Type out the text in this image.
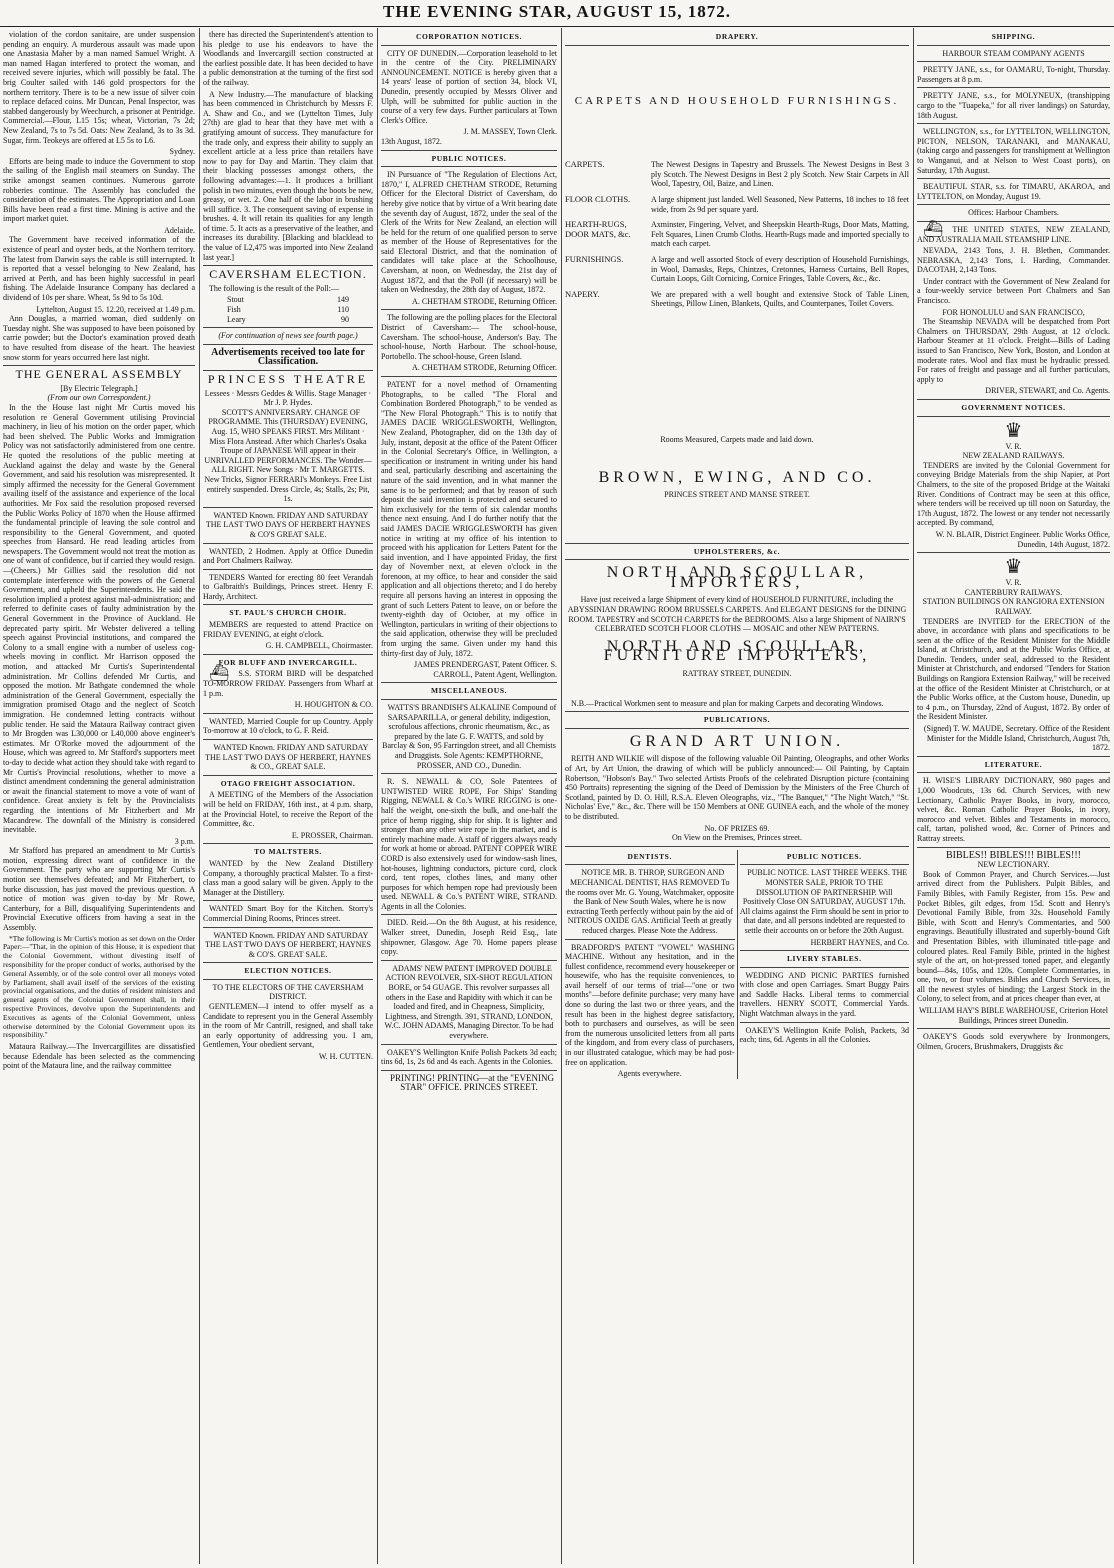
THE EVENING STAR, AUGUST 15, 1872.

violation of the cordon sanitaire, are under suspension pending an enquiry. A murderous assault was made upon one Anastasia Maher by a man named Samuel Wright. A man named Hagan interfered to protect the woman, and received severe injuries, which will possibly be fatal. The brig Coulter sailed with 146 gold prospectors for the northern territory. There is to be a new issue of silver coin to replace defaced coins. Mr Duncan, Penal Inspector, was stabbed dangerously by Weechurch, a prisoner at Pentridge. Commercial.—Flour, L15 15s; wheat, Victorian, 7s 2d; New Zealand, 7s to 7s 5d. Oats: New Zealand, 3s to 3s 3d. Sugar, firm. Teokeys are offered at L5 5s to L6.

Sydney.

Efforts are being made to induce the Government to stop the sailing of the English mail steamers on Sunday. The strike amongst seamen continues. Numerous garrote robberies continue. The Assembly has concluded the consideration of the estimates. The Appropriation and Loan Bills have been read a first time. Mining is active and the import market quiet.

Adelaide.

The Government have received information of the existence of pearl and oyster beds, at the Northern territory. The latest from Darwin says the cable is still interrupted. It is reported that a vessel belonging to New Zealand, has arrived at Perth, and has been highly successful in pearl fishing. The Adelaide Insurance Company has declared a dividend of 10s per share. Wheat, 5s 9d to 5s 10d.

Lyttelton, August 15. 12.20, received at 1.49 p.m.

Ann Douglas, a married woman, died suddenly on Tuesday night. She was supposed to have been poisoned by carrie powder; but the Doctor's examination proved death to have resulted from disease of the heart. The heaviest snow storm for years occurred here last night.

THE GENERAL ASSEMBLY
[By Electric Telegraph.]
(From our own Correspondent.)

In the the House last night Mr Curtis moved his resolution re General Government utilising Provincial machinery, in lieu of his motion on the order paper, which had been shelved. The Public Works and Immigration Policy was not satisfactorily administered from one centre. He quoted the resolutions of the public meeting at Auckland against the delay and waste by the General Government, and said his resolution was misrepresented. It simply affirmed the necessity for the General Government availing itself of the assistance and experience of the local authorities. Mr Fox said the resolution proposed reversed the Public Works Policy of 1870 when the House affirmed the fundamental principle of leaving the sole control and responsibility to the General Government, and quoted speeches from Hansard. He read leading articles from newspapers. The Government would not treat the motion as one of want of confidence, but if carried they would resign.—(Cheers.) Mr Gillies said the resolution did not contemplate interference with the powers of the General Government, and upheld the Superintendents. He said the resolution implied a protest against mal-administration; and referred to definite cases of faulty administration by the General Government in the Province of Auckland. He deprecated party spirit. Mr Webster delivered a telling speech against Provincial institutions, and compared the Colony to a small engine with a number of useless cog-wheels moving in conflict. Mr Harrison opposed the motion, and attacked Mr Curtis's Superintendental administration. Mr Collins defended Mr Curtis, and opposed the motion. Mr Bathgate condemned the whole administration of the General Government, especially the immigration promised Otago and the neglect of Scotch immigration. He condemned letting contracts without public tender. He said the Mataura Railway contract given to Mr Brogden was L30,000 or L40,000 above engineer's estimates. Mr O'Rorke moved the adjournment of the House, which was agreed to. Mr Stafford's supporters meet to-day to decide what action they should take with regard to Mr Curtis's Provincial resolutions, whether to move a distinct amendment condemning the general administration or await the financial statement to move a vote of want of confidence. Great anxiety is felt by the Provincialists regarding the intentions of Mr Fitzherbert and Mr Macandrew. The downfall of the Ministry is considered inevitable.

3 p.m.

Mr Stafford has prepared an amendment to Mr Curtis's motion, expressing direct want of confidence in the Government. The party who are supporting Mr Curtis's motion see themselves defeated; and Mr Fitzherbert, to burke discussion, has just moved the previous question. A notice of motion was given to-day by Mr Rowe, Canterbury, for a Bill, disqualifying Superintendents and Provincial Executive officers from having a seat in the Assembly.

*The following is Mr Curtis's motion as set down on the Order Paper:—"That, in the opinion of this House, it is expedient that the Colonial Government, without divesting itself of responsibility for the proper conduct of works, authorised by the General Assembly, or of the sole control over all moneys voted by Parliament, shall avail itself of the services of the existing provincial organisations, and the duties of resident ministers and general agents of the Colonial Government shall, in their respective Provinces, devolve upon the Superintendents and Executives as agents of the Colonial Government, unless otherwise determined by the Colonial Government upon its responsibility."

Mataura Railway.—The Invercargillites are dissatisfied because Edendale has been selected as the commencing point of the Mataura line, and the railway committee

there has directed the Superintendent's attention to his pledge to use his endeavors to have the Woodlands and Invercargill section constructed at the earliest possible date. It has been decided to have a public demonstration at the turning of the first sod of the railway.

A New Industry.—The manufacture of blacking has been commenced in Christchurch by Messrs F. A. Shaw and Co., and we (Lyttelton Times, July 27th) are glad to hear that they have met with a gratifying amount of success. They manufacture for the trade only, and express their ability to supply an excellent article at a less price than retailers have now to pay for Day and Martin. They claim that their blacking possesses amongst others, the following advantages:—1. It produces a brilliant polish in two minutes, even though the boots be new, greasy, or wet. 2. One half of the labor in brushing will suffice. 3. The consequent saving of expense in brushes. 4. It will retain its qualities for any length of time. 5. It acts as a preservative of the leather, and increases its durability. [Blacking and blacklead to the value of L2,475 was imported into New Zealand last year.]

CAVERSHAM ELECTION.

The following is the result of the Poll:—

Stout	149
Fish	110
Leary	90
(For continuation of news see fourth page.)
Advertisements received too late for Classification.
PRINCESS THEATRE
Lessees · Messrs Geddes & Willis. Stage Manager · Mr J. P. Hydes.

SCOTT'S ANNIVERSARY. CHANGE OF PROGRAMME. This (THURSDAY) EVENING, Aug. 15, WHO SPEAKS FIRST. Mrs Militant · Miss Flora Anstead. After which Charles's Osaka Troupe of JAPANESE Will appear in their UNRIVALLED PERFORMANCES. The Wonder—ALL RIGHT. New Songs · Mr T. MARGETTS. New Tricks, Signor FERRARI's Monkeys. Free List entirely suspended. Dress Circle, 4s; Stalls, 2s; Pit, 1s.

WANTED Known. FRIDAY AND SATURDAY THE LAST TWO DAYS OF HERBERT HAYNES & CO'S GREAT SALE.

WANTED, 2 Hodmen. Apply at Office Dunedin and Port Chalmers Railway.

TENDERS Wanted for erecting 80 feet Verandah to Galbraith's Buildings, Princes street. Henry F. Hardy, Architect.

ST. PAUL'S CHURCH CHOIR.

MEMBERS are requested to attend Practice on FRIDAY EVENING, at eight o'clock.

G. H. CAMPBELL, Choirmaster.
FOR BLUFF AND INVERCARGILL.

⛴ S.S. STORM BIRD will be despatched TO-MORROW FRIDAY. Passengers from Wharf at 1 p.m.

H. HOUGHTON & CO.

WANTED, Married Couple for up Country. Apply To-morrow at 10 o'clock, to G. F. Reid.

WANTED Known. FRIDAY AND SATURDAY THE LAST TWO DAYS OF HERBERT, HAYNES & CO., GREAT SALE.

OTAGO FREIGHT ASSOCIATION.

A MEETING of the Members of the Association will be held on FRIDAY, 16th inst., at 4 p.m. sharp, at the Provincial Hotel, to receive the Report of the Committee, &c.

E. PROSSER, Chairman.
TO MALTSTERS.

WANTED by the New Zealand Distillery Company, a thoroughly practical Malster. To a first-class man a good salary will be given. Apply to the Manager at the Distillery.

WANTED Smart Boy for the Kitchen. Storry's Commercial Dining Rooms, Princes street.

WANTED Known. FRIDAY AND SATURDAY THE LAST TWO DAYS OF HERBERT, HAYNES & CO'S. GREAT SALE.

ELECTION NOTICES.
TO THE ELECTORS OF THE CAVERSHAM DISTRICT.

GENTLEMEN—I intend to offer myself as a Candidate to represent you in the General Assembly in the room of Mr Cantrill, resigned, and shall take an early opportunity of addressing you. I am, Gentlemen, Your obedient servant,

W. H. CUTTEN.
CORPORATION NOTICES.

CITY OF DUNEDIN.—Corporation leasehold to let in the centre of the City. PRELIMINARY ANNOUNCEMENT. NOTICE is hereby given that a 14 years' lease of portion of section 34, block VI, Dunedin, presently occupied by Messrs Oliver and Ulph, will be submitted for public auction in the course of a very few days. Further particulars at Town Clerk's Office.

J. M. MASSEY, Town Clerk.
13th August, 1872.
PUBLIC NOTICES.

IN Pursuance of "The Regulation of Elections Act, 1870," I, ALFRED CHETHAM STRODE, Returning Officer for the Electoral District of Caversham, do hereby give notice that by virtue of a Writ bearing date the seventh day of August, 1872, under the seal of the Clerk of the Writs for New Zealand, an election will be held for the return of one qualified person to serve as member of the House of Representatives for the said Electoral District, and that the nomination of candidates will take place at the Schoolhouse, Caversham, at noon, on Wednesday, the 21st day of August 1872, and that the Poll (if necessary) will be taken on Wednesday, the 28th day of August, 1872.

A. CHETHAM STRODE, Returning Officer.

The following are the polling places for the Electoral District of Caversham:— The school-house, Caversham. The school-house, Anderson's Bay. The school-house, North Harbour. The school-house, Portobello. The school-house, Green Island.

A. CHETHAM STRODE, Returning Officer.

PATENT for a novel method of Ornamenting Photographs, to be called "The Floral and Combination Bordered Photograph," to be vended as "The New Floral Photograph." This is to notify that JAMES DACIE WRIGGLESWORTH, Wellington, New Zealand, Photographer, did on the 13th day of July, instant, deposit at the office of the Patent Officer in the Colonial Secretary's Office, in Wellington, a specification or instrument in writing under his hand and seal, particularly describing and ascertaining the nature of the said invention, and in what manner the same is to be performed; and that by reason of such deposit the said invention is protected and secured to him exclusively for the term of six calendar months thence next ensuing. And I do further notify that the said JAMES DACIE WRIGGLESWORTH has given notice in writing at my office of his intention to proceed with his application for Letters Patent for the said invention, and I have appointed Friday, the first day of November next, at eleven o'clock in the forenoon, at my office, to hear and consider the said application and all objections thereto; and I do hereby require all persons having an interest in opposing the grant of such Letters Patent to leave, on or before the twenty-eighth day of October, at my office in Wellington, particulars in writing of their objections to the said application, otherwise they will be precluded from urging the same. Given under my hand this thirty-first day of July, 1872.

JAMES PRENDERGAST, Patent Officer. S. CARROLL, Patent Agent, Wellington.
MISCELLANEOUS.

WATTS'S BRANDISH'S ALKALINE Compound of SARSAPARILLA, or general debility, indigestion, scrofulous affections, chronic rheumatism, &c., as prepared by the late G. F. WATTS, and sold by Barclay & Son, 95 Farringdon street, and all Chemists and Druggists. Sole Agents: KEMPTHORNE, PROSSER, AND CO., Dunedin.

R. S. NEWALL & CO, Sole Patentees of UNTWISTED WIRE ROPE, For Ships' Standing Rigging, NEWALL & Co.'s WIRE RIGGING is one-half the weight, one-sixth the bulk, and one-half the price of hemp rigging, ship for ship. It is lighter and stronger than any other wire rope in the market, and is entirely machine made. A staff of riggers always ready for work at home or abroad. PATENT COPPER WIRE CORD is also extensively used for window-sash lines, hot-houses, lightning conductors, picture cord, clock cord, tent ropes, clothes lines, and many other purposes for which hempen rope had previously been used. NEWALL & Co.'s PATENT WIRE, STRAND. Agents in all the Colonies.

DIED. Reid.—On the 8th August, at his residence, Walker street, Dunedin, Joseph Reid Esq., late shipowner, Glasgow. Age 70. Home papers please copy.

ADAMS' NEW PATENT IMPROVED DOUBLE ACTION REVOLVER, SIX-SHOT REGULATION BORE, or 54 GUAGE. This revolver surpasses all others in the Ease and Rapidity with which it can be loaded and fired, and in Cheapness, Simplicity, Lightness, and Strength. 391, STRAND, LONDON, W.C. JOHN ADAMS, Managing Director. To be had everywhere.

OAKEY'S Wellington Knife Polish Packets 3d each; tins 6d, 1s, 2s 6d and 4s each. Agents in the Colonies.

PRINTING! PRINTING—at the "EVENING STAR" OFFICE. PRINCES STREET.

DRAPERY.
CARPETS AND HOUSEHOLD FURNISHINGS.
CARPETS.	The Newest Designs in Tapestry and Brussels. The Newest Designs in Best 3 ply Scotch. The Newest Designs in Best 2 ply Scotch. New Stair Carpets in All Wool, Tapestry, Oil, Baize, and Linen.
FLOOR CLOTHS.	A large shipment just landed. Well Seasoned, New Patterns, 18 inches to 18 feet wide, from 2s 9d per square yard.
HEARTH-RUGS, DOOR MATS, &c.
Axminster, Fingering, Velvet, and Sheepskin Hearth-Rugs, Door Mats, Matting, Felt Squares, Linen Crumb Cloths. Hearth-Rugs made and imported specially to match each carpet.
FURNISHINGS.	A large and well assorted Stock of every description of Household Furnishings, in Wool, Damasks, Reps, Chintzes, Cretonnes, Harness Curtains, Bell Ropes, Curtain Loops, Gilt Cornicing, Cornice Fringes, Table Covers, &c., &c.
NAPERY.	We are prepared with a well bought and extensive Stock of Table Linen, Sheetings, Pillow Linen, Blankets, Quilts, and Counterpanes, Toilet Covers.
Rooms Measured, Carpets made and laid down.
BROWN, EWING, AND CO.
PRINCES STREET AND MANSE STREET.
UPHOLSTERERS, &c.
NORTH AND SCOULLAR, IMPORTERS,

Have just received a large Shipment of every kind of HOUSEHOLD FURNITURE, including the ABYSSINIAN DRAWING ROOM BRUSSELS CARPETS. And ELEGANT DESIGNS for the DINING ROOM. TAPESTRY and SCOTCH CARPETS for the BEDROOMS. Also a large Shipment of NAIRN'S CELEBRATED SCOTCH FLOOR CLOTHS — MOSAIC and other NEW PATTERNS.

NORTH AND SCOULLAR, FURNITURE IMPORTERS,
RATTRAY STREET, DUNEDIN.

N.B.—Practical Workmen sent to measure and plan for making Carpets and decorating Windows.

PUBLICATIONS.
GRAND ART UNION.

REITH AND WILKIE will dispose of the following valuable Oil Painting, Oleographs, and other Works of Art, by Art Union, the drawing of which will be publicly announced:— Oil Painting, by Captain Robertson, "Hobson's Bay." Two selected Artists Proofs of the celebrated Disruption picture (containing 450 Portraits) representing the signing of the Deed of Demission by the Ministers of the Free Church of Scotland, painted by D. O. Hill, R.S.A. Eleven Oleographs, viz., "The Banquet," "The Night Watch," "St. Nicholas' Eve," &c., &c. There will be 150 Members at ONE GUINEA each, and the whole of the money to be distributed.

No. OF PRIZES 69.
On View on the Premises, Princes street.
DENTISTS.

NOTICE MR. B. THROP, SURGEON AND MECHANICAL DENTIST, HAS REMOVED To the rooms over Mr. G. Young, Watchmaker, opposite the Bank of New South Wales, where he is now extracting Teeth perfectly without pain by the aid of NITROUS OXIDE GAS. Artificial Teeth at greatly reduced charges. Please Note the Address.

BRADFORD'S PATENT "VOWEL" WASHING MACHINE. Without any hesitation, and in the fullest confidence, recommend every housekeeper or housewife, who has the requisite conveniences, to avail herself of our terms of trial—"one or two months"—before definite purchase; very many have done so during the last two or three years, and the result has been in the highest degree satisfactory, both to purchasers and ourselves, as will be seen from the numerous unsolicited letters from all parts of the kingdom, and from every class of purchasers, in our illustrated catalogue, which may be had post-free on application.

Agents everywhere.
PUBLIC NOTICES.

PUBLIC NOTICE. LAST THREE WEEKS. THE MONSTER SALE, PRIOR TO THE DISSOLUTION OF PARTNERSHIP. Will Positively Close ON SATURDAY, AUGUST 17th. All claims against the Firm should be sent in prior to that date, and all persons indebted are requested to settle their accounts on or before the 20th August.

HERBERT HAYNES, and Co.
LIVERY STABLES.

WEDDING AND PICNIC PARTIES furnished with close and open Carriages. Smart Buggy Pairs and Saddle Hacks. Liberal terms to commercial travellers. HENRY SCOTT, Commercial Yards. Night Watchman always in the yard.

OAKEY'S Wellington Knife Polish, Packets, 3d each; tins, 6d. Agents in all the Colonies.

SHIPPING.
HARBOUR STEAM COMPANY AGENTS

PRETTY JANE, s.s., for OAMARU, To-night, Thursday. Passengers at 8 p.m.

PRETTY JANE, s.s., for MOLYNEUX, (transhipping cargo to the "Tuapeka," for all river landings) on Saturday, 18th August.

WELLINGTON, s.s., for LYTTELTON, WELLINGTON, PICTON, NELSON, TARANAKI, and MANAKAU, (taking cargo and passengers for transhipment at Wellington to Wanganui, and at Nelson to West Coast ports), on Saturday, 17th August.

BEAUTIFUL STAR, s.s. for TIMARU, AKAROA, and LYTTELTON, on Monday, August 19.

Offices: Harbour Chambers.

⛴ THE UNITED STATES, NEW ZEALAND, AND AUSTRALIA MAIL STEAMSHIP LINE.

NEVADA, 2143 Tons, J. H. Blethen, Commander. NEBRASKA, 2,143 Tons, I. Harding, Commander. DACOTAH, 2,143 Tons.

Under contract with the Government of New Zealand for a four-weekly service between Port Chalmers and San Francisco.

FOR HONOLULU and SAN FRANCISCO,

The Steamship NEVADA will be despatched from Port Chalmers on THURSDAY, 29th August, at 12 o'clock. Harbour Steamer at 11 o'clock. Freight—Bills of Lading issued to San Francisco, New York, Boston, and London at moderate rates. Wool and flax must be hydraulic pressed. For rates of freight and passage and all further particulars, apply to

DRIVER, STEWART, and Co. Agents.
GOVERNMENT NOTICES.
♛
V. R.
NEW ZEALAND RAILWAYS.

TENDERS are invited by the Colonial Government for conveying Bridge Materials from the ship Napier, at Port Chalmers, to the site of the proposed Bridge at the Waitaki River. Conditions of Contract may be seen at this office, where tenders will be received up till noon on Saturday, the 17th August, 1872. The lowest or any tender not necessarily accepted. By command,

W. N. BLAIR, District Engineer. Public Works Office, Dunedin, 14th August, 1872.
♛
V. R.
CANTERBURY RAILWAYS.
STATION BUILDINGS ON RANGIORA EXTENSION RAILWAY.

TENDERS are INVITED for the ERECTION of the above, in accordance with plans and specifications to be seen at the office of the Resident Minister for the Middle Island, at Christchurch, and at the Public Works Office, at Dunedin. Tenders, under seal, addressed to the Resident Minister at Christchurch, and endorsed "Tenders for Station Buildings on Rangiora Extension Railway," will be received at the office of the Resident Minister at Christchurch, or at the Public Works office, at the Custom house, Dunedin, up to 4 p.m., on Thursday, 22nd of August, 1872. By order of the Resident Minister.

(Signed) T. W. MAUDE, Secretary. Office of the Resident Minister for the Middle Island, Christchurch, August 7th, 1872.
LITERATURE.

H. WISE'S LIBRARY DICTIONARY, 980 pages and 1,000 Woodcuts, 13s 6d. Church Services, with new Lectionary, Catholic Prayer Books, in ivory, morocco, velvet, &c. Roman Catholic Prayer Books, in ivory, morocco and velvet. Bibles and Testaments in morocco, calf, tartan, polished wood, &c. Corner of Princes and Rattray streets.

BIBLES!! BIBLES!!! BIBLES!!!
NEW LECTIONARY.

Book of Common Prayer, and Church Services.—Just arrived direct from the Publishers. Pulpit Bibles, and Family Bibles, with Family Register, from 15s. Pew and Pocket Bibles, gilt edges, from 15d. Scott and Henry's Devotional Family Bible, from 32s. Household Family Bible, with Scott and Henry's Commentaries, and 500 engravings. Beautifully illustrated and superbly-bound Gift and Presentation Bibles, with illuminated title-page and coloured plates. Real Family Bible, printed in the highest style of the art, on hot-pressed toned paper, and elegantly bound—84s, 105s, and 120s. Complete Commentaries, in one, two, or four volumes. Bibles and Church Services, in all the newest styles of binding; the Largest Stock in the Colony, to select from, and at prices cheaper than ever, at

WILLIAM HAY'S BIBLE WAREHOUSE, Criterion Hotel Buildings, Princes street Dunedin.

OAKEY'S Goods sold everywhere by Ironmongers, Oilmen, Grocers, Brushmakers, Druggists &c
